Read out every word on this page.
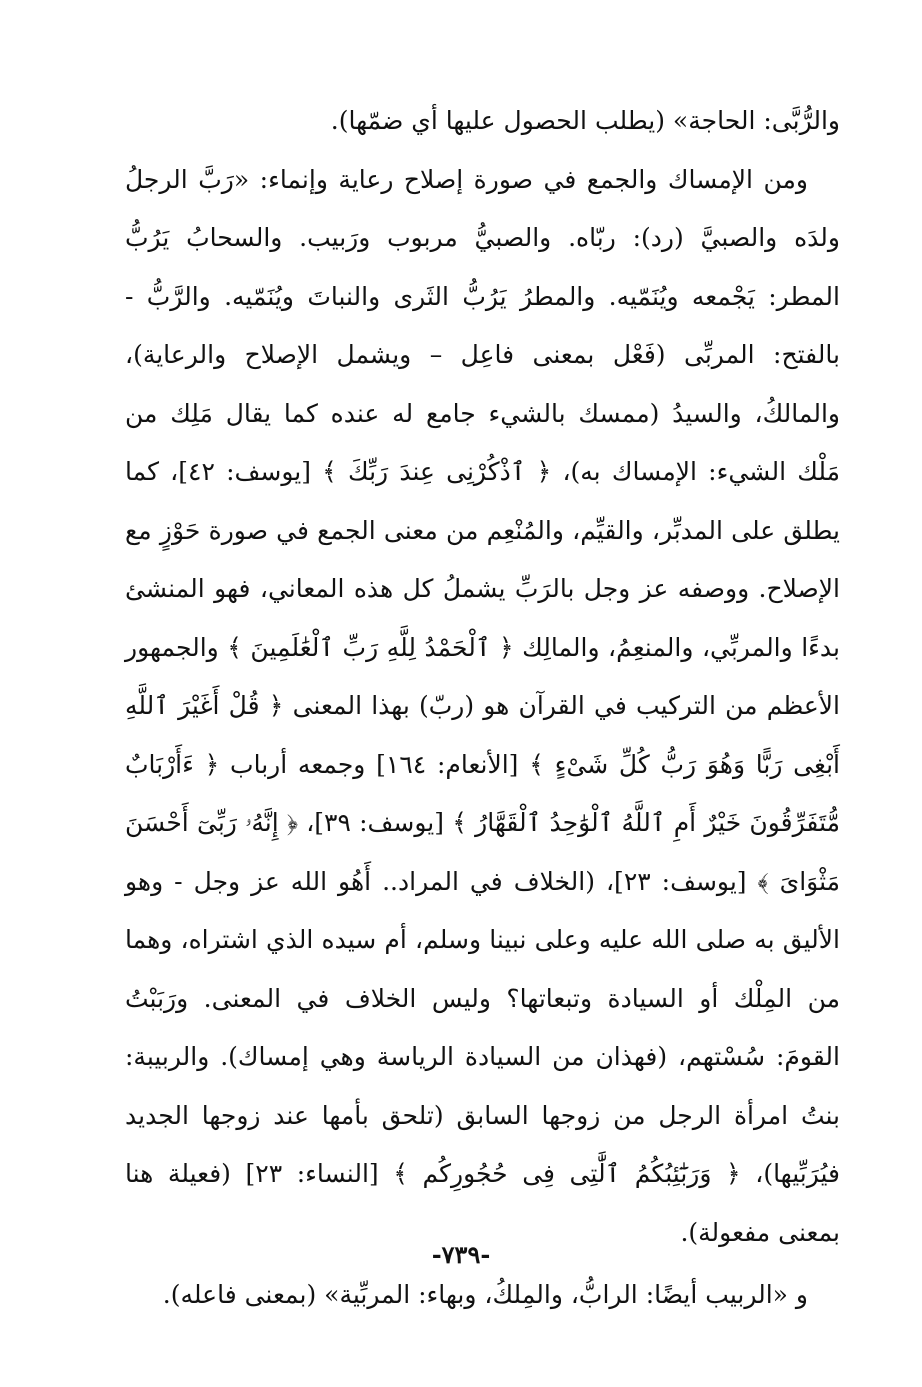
والرُّبَّى: الحاجة» (يطلب الحصول عليها أي ضمّها).

ومن الإمساك والجمع في صورة إصلاح رعاية وإنماء: «رَبَّ الرجلُ ولدَه والصبيَّ (رد): ربّاه. والصبيُّ مربوب ورَبيب. والسحابُ يَرُبُّ المطر: يَجْمعه ويُنَمّيه. والمطرُ يَرُبُّ الثَرى والنباتَ ويُنَمّيه. والرَّبُّ - بالفتح: المربِّى (فَعْل بمعنى فاعِل – ويشمل الإصلاح والرعاية)، والمالكُ، والسيدُ (ممسك بالشيء جامع له عنده كما يقال مَلِك من مَلْك الشيء: الإمساك به)، ﴿ ٱذْكُرْنِى عِندَ رَبِّكَ ﴾ [يوسف: ٤٢]، كما يطلق على المدبِّر، والقيِّم، والمُنْعِم من معنى الجمع في صورة حَوْزٍ مع الإصلاح. ووصفه عز وجل بالرَبِّ يشملُ كل هذه المعاني، فهو المنشئ بدءًا والمربِّي، والمنعِمُ، والمالِك ﴿ ٱلْحَمْدُ لِلَّهِ رَبِّ ٱلْعَٰلَمِينَ ﴾ والجمهور الأعظم من التركيب في القرآن هو (ربّ) بهذا المعنى ﴿ قُلْ أَغَيْرَ ٱللَّهِ أَبْغِى رَبًّا وَهُوَ رَبُّ كُلِّ شَىْءٍ ﴾ [الأنعام: ١٦٤] وجمعه أرباب ﴿ ءَأَرْبَابٌ مُّتَفَرِّقُونَ خَيْرٌ أَمِ ٱللَّهُ ٱلْوَٰحِدُ ٱلْقَهَّارُ ﴾ [يوسف: ٣٩]، ﴿ إِنَّهُۥ رَبِّىٓ أَحْسَنَ مَثْوَاىَ ﴾ [يوسف: ٢٣]، (الخلاف في المراد.. أَهُو الله عز وجل - وهو الأليق به صلى الله عليه وعلى نبينا وسلم، أم سيده الذي اشتراه، وهما من المِلْك أو السيادة وتبعاتها؟ وليس الخلاف في المعنى. ورَبَبْتُ القومَ: سُسْتهم، (فهذان من السيادة الرياسة وهي إمساك). والربيبة: بنتُ امرأة الرجل من زوجها السابق (تلحق بأمها عند زوجها الجديد فيُرَبِّيها)، ﴿ وَرَبَٰٓئِبُكُمُ ٱلَّٰتِى فِى حُجُورِكُم ﴾ [النساء: ٢٣] (فعيلة هنا بمعنى مفعولة).

و «الربيب أيضًا: الرابُّ، والمِلكُ، وبهاء: المربِّية» (بمعنى فاعله).

-٧٣٩-
